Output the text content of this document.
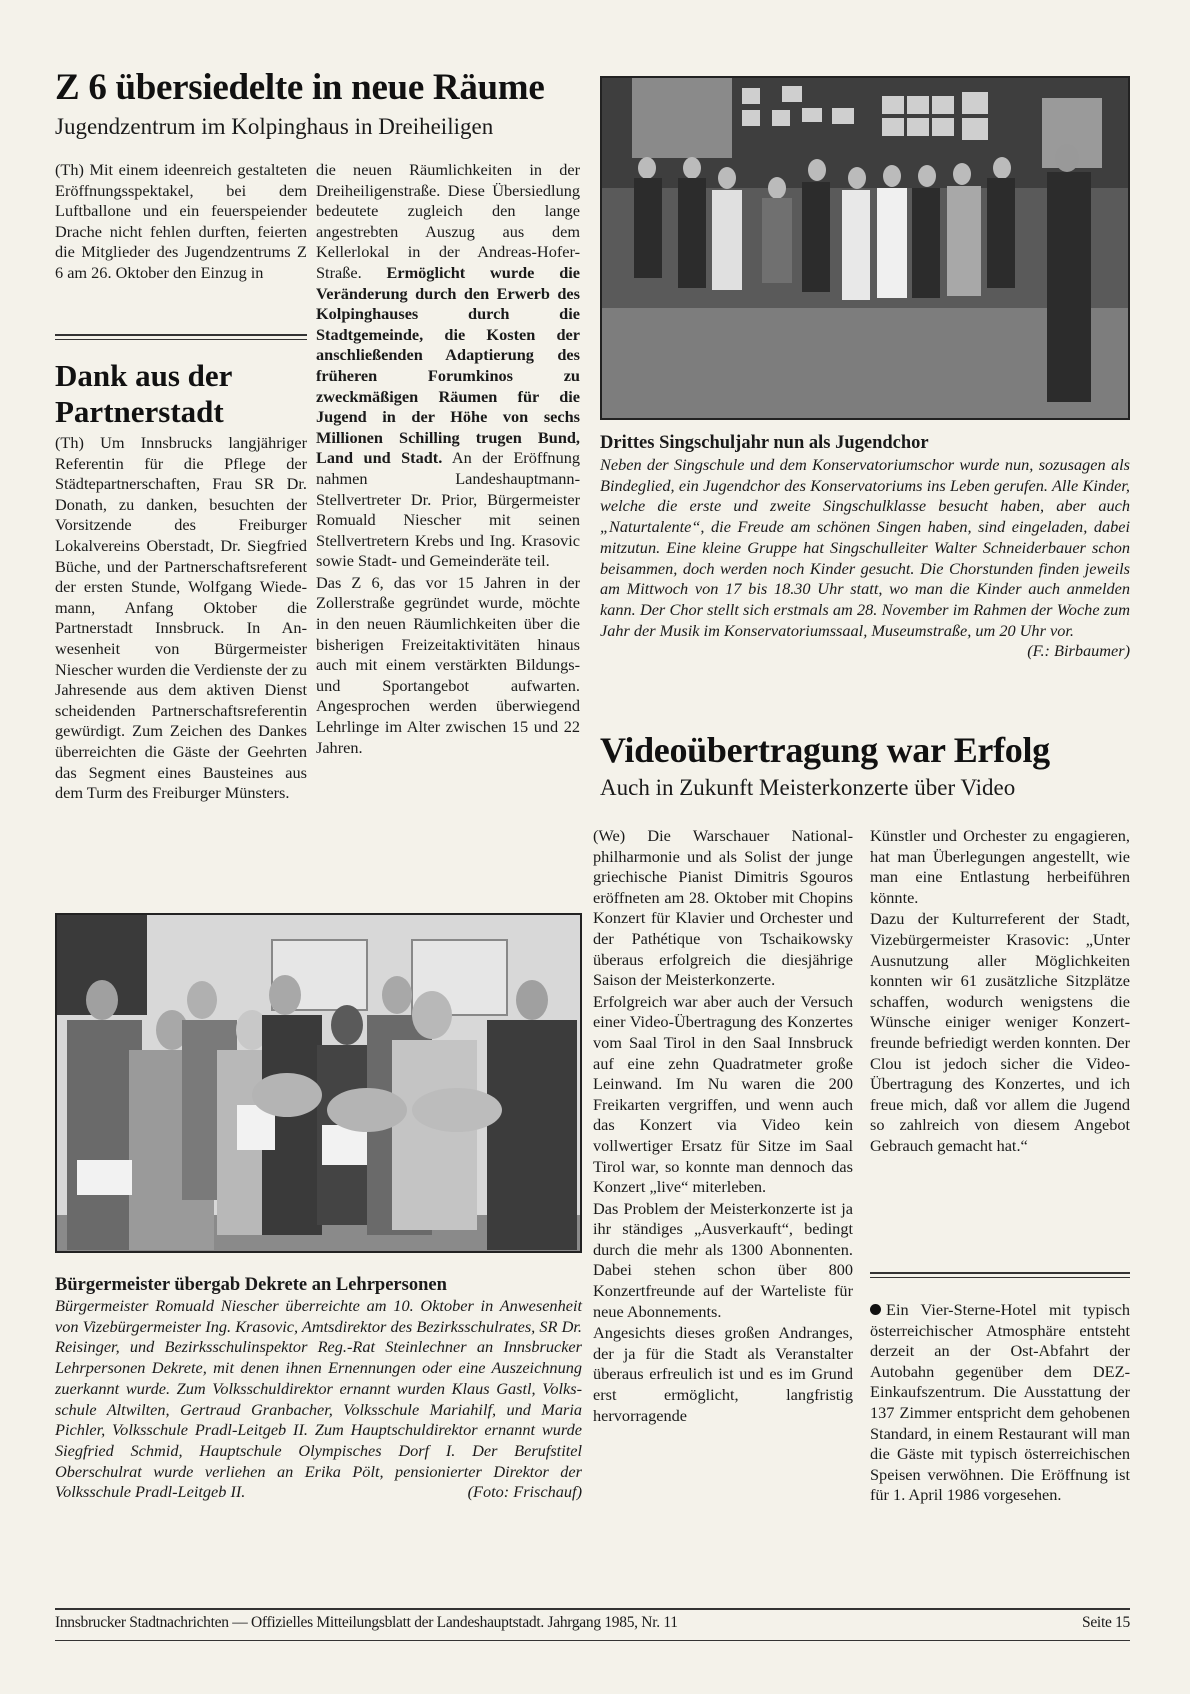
Z 6 übersiedelte in neue Räume
Jugendzentrum im Kolpinghaus in Dreiheiligen

(Th) Mit einem ideenreich gestalteten Eröffnungsspektakel, bei dem Luftballone und ein feuerspeiender Drache nicht fehlen durften, feierten die Mitglieder des Jugendzentrums Z 6 am 26. Oktober den Einzug in

Dank aus der Partnerstadt

(Th) Um Innsbrucks langjähriger Referentin für die Pflege der Städtepartnerschaften, Frau SR Dr. Donath, zu danken, besuchten der Vorsitzende des Freiburger Lokalvereins Oberstadt, Dr. Siegfried Büche, und der Partnerschaftsreferent der ersten Stunde, Wolfgang Wiedemann, Anfang Oktober die Partnerstadt Innsbruck. In Anwesenheit von Bürgermeister Niescher wurden die Verdienste der zu Jahresende aus dem aktiven Dienst scheidenden Partnerschaftsreferentin gewürdigt. Zum Zeichen des Dankes überreichten die Gäste der Geehrten das Segment eines Bausteines aus dem Turm des Freiburger Münsters.

die neuen Räumlichkeiten in der Dreiheiligenstraße. Diese Übersiedlung bedeutete zugleich den lange angestrebten Auszug aus dem Kellerlokal in der Andreas-Hofer-Straße. Ermöglicht wurde die Veränderung durch den Erwerb des Kolpinghauses durch die Stadtgemeinde, die Kosten der anschließenden Adaptierung des früheren Forumkinos zu zweckmäßigen Räumen für die Jugend in der Höhe von sechs Millionen Schilling trugen Bund, Land und Stadt. An der Eröffnung nahmen Landeshauptmann-Stellvertreter Dr. Prior, Bürgermeister Romuald Niescher mit seinen Stellvertretern Krebs und Ing. Krasovic sowie Stadt- und Gemeinderäte teil.

Das Z 6, das vor 15 Jahren in der Zollerstraße gegründet wurde, möchte in den neuen Räumlichkeiten über die bisherigen Freizeitaktivitäten hinaus auch mit einem verstärkten Bildungs- und Sportangebot aufwarten. Angesprochen werden überwiegend Lehrlinge im Alter zwischen 15 und 22 Jahren.

Drittes Singschuljahr nun als Jugendchor
Neben der Singschule und dem Konservatoriumschor wurde nun, sozusagen als Bindeglied, ein Jugendchor des Konservatoriums ins Leben gerufen. Alle Kinder, welche die erste und zweite Singschulklasse besucht haben, aber auch „Naturtalente“, die Freude am schönen Singen haben, sind eingeladen, dabei mitzutun. Eine kleine Gruppe hat Singschulleiter Walter Schneiderbauer schon beisammen, doch werden noch Kinder gesucht. Die Chorstunden finden jeweils am Mittwoch von 17 bis 18.30 Uhr statt, wo man die Kinder auch anmelden kann. Der Chor stellt sich erstmals am 28. November im Rahmen der Woche zum Jahr der Musik im Konservatoriumssaal, Museumstraße, um 20 Uhr vor.
(F.: Birbaumer)
Videoübertragung war Erfolg
Auch in Zukunft Meisterkonzerte über Video

(We) Die Warschauer Nationalphilharmonie und als Solist der junge griechische Pianist Dimitris Sgouros eröffneten am 28. Oktober mit Chopins Konzert für Klavier und Orchester und der Pathétique von Tschaikowsky überaus erfolgreich die diesjährige Saison der Meisterkonzerte.

Erfolgreich war aber auch der Versuch einer Video-Übertragung des Konzertes vom Saal Tirol in den Saal Innsbruck auf eine zehn Quadratmeter große Leinwand. Im Nu waren die 200 Freikarten vergriffen, und wenn auch das Konzert via Video kein vollwertiger Ersatz für Sitze im Saal Tirol war, so konnte man dennoch das Konzert „live“ miterleben.

Das Problem der Meisterkonzerte ist ja ihr ständiges „Ausverkauft“, bedingt durch die mehr als 1300 Abonnenten. Dabei stehen schon über 800 Konzertfreunde auf der Warteliste für neue Abonnements.

Angesichts dieses großen Andranges, der ja für die Stadt als Veranstalter überaus erfreulich ist und es im Grund erst ermöglicht, langfristig hervorragende

Künstler und Orchester zu engagieren, hat man Überlegungen angestellt, wie man eine Entlastung herbeiführen könnte.

Dazu der Kulturreferent der Stadt, Vizebürgermeister Krasovic: „Unter Ausnutzung aller Möglichkeiten konnten wir 61 zusätzliche Sitzplätze schaffen, wodurch wenigstens die Wünsche einiger weniger Konzertfreunde befriedigt werden konnten. Der Clou ist jedoch sicher die Video-Übertragung des Konzertes, und ich freue mich, daß vor allem die Jugend so zahlreich von diesem Angebot Gebrauch gemacht hat.“

Ein Vier-Sterne-Hotel mit typisch österreichischer Atmosphäre entsteht derzeit an der Ost-Abfahrt der Autobahn gegenüber dem DEZ-Einkaufszentrum. Die Ausstattung der 137 Zimmer entspricht dem gehobenen Standard, in einem Restaurant will man die Gäste mit typisch österreichischen Speisen verwöhnen. Die Eröffnung ist für 1. April 1986 vorgesehen.

Bürgermeister übergab Dekrete an Lehrpersonen
Bürgermeister Romuald Niescher überreichte am 10. Oktober in Anwesenheit von Vizebürgermeister Ing. Krasovic, Amtsdirektor des Bezirksschulrates, SR Dr. Reisinger, und Bezirksschulinspektor Reg.-Rat Steinlechner an Innsbrucker Lehrpersonen Dekrete, mit denen ihnen Ernennungen oder eine Auszeichnung zuerkannt wurde. Zum Volksschuldirektor ernannt wurden Klaus Gastl, Volksschule Altwilten, Gertraud Granbacher, Volksschule Mariahilf, und Maria Pichler, Volksschule Pradl-Leitgeb II. Zum Hauptschuldirektor ernannt wurde Siegfried Schmid, Hauptschule Olympisches Dorf I. Der Berufstitel Oberschulrat wurde verliehen an Erika Pölt, pensionierter Direktor der Volksschule Pradl-Leitgeb II.	(Foto: Frischauf)
Innsbrucker Stadtnachrichten — Offizielles Mitteilungsblatt der Landeshauptstadt. Jahrgang 1985, Nr. 11	Seite 15
